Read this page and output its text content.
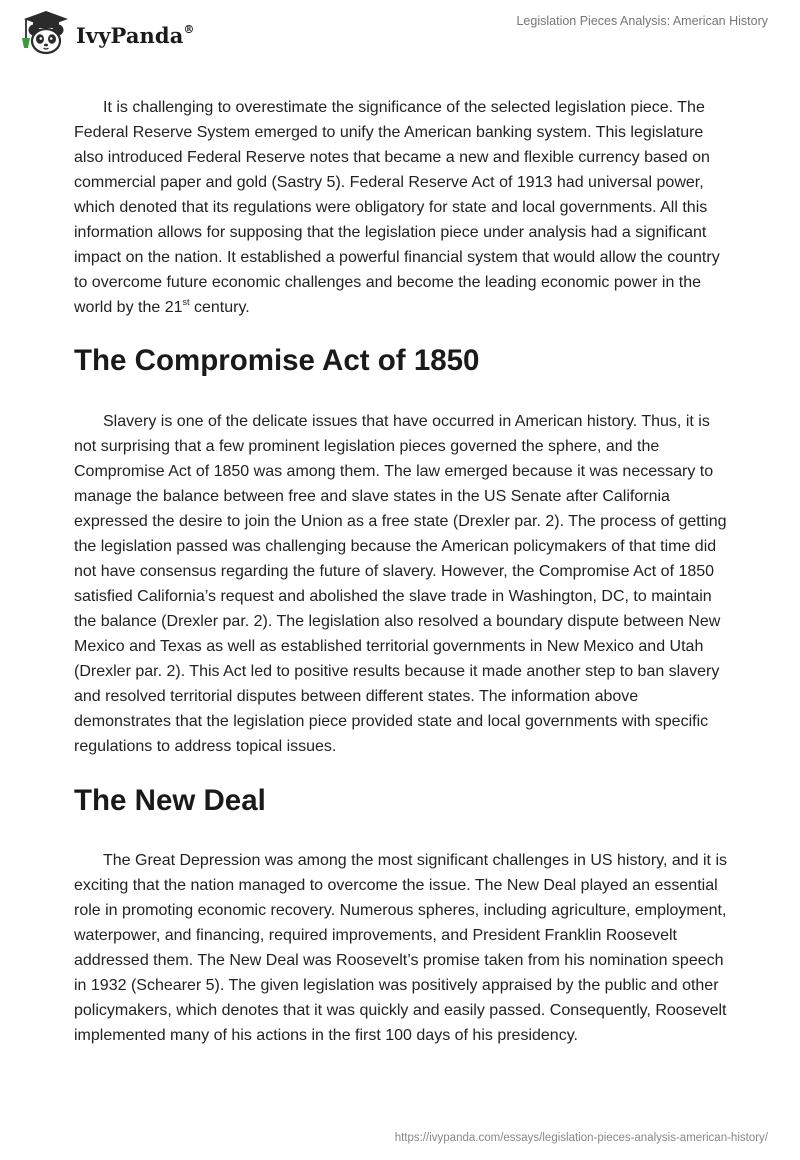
IvyPanda®
Legislation Pieces Analysis: American History

It is challenging to overestimate the significance of the selected legislation piece. The Federal Reserve System emerged to unify the American banking system. This legislature also introduced Federal Reserve notes that became a new and flexible currency based on commercial paper and gold (Sastry 5). Federal Reserve Act of 1913 had universal power, which denoted that its regulations were obligatory for state and local governments. All this information allows for supposing that the legislation piece under analysis had a significant impact on the nation. It established a powerful financial system that would allow the country to overcome future economic challenges and become the leading economic power in the world by the 21st century.

The Compromise Act of 1850

Slavery is one of the delicate issues that have occurred in American history. Thus, it is not surprising that a few prominent legislation pieces governed the sphere, and the Compromise Act of 1850 was among them. The law emerged because it was necessary to manage the balance between free and slave states in the US Senate after California expressed the desire to join the Union as a free state (Drexler par. 2). The process of getting the legislation passed was challenging because the American policymakers of that time did not have consensus regarding the future of slavery. However, the Compromise Act of 1850 satisfied California’s request and abolished the slave trade in Washington, DC, to maintain the balance (Drexler par. 2). The legislation also resolved a boundary dispute between New Mexico and Texas as well as established territorial governments in New Mexico and Utah (Drexler par. 2). This Act led to positive results because it made another step to ban slavery and resolved territorial disputes between different states. The information above demonstrates that the legislation piece provided state and local governments with specific regulations to address topical issues.

The New Deal

The Great Depression was among the most significant challenges in US history, and it is exciting that the nation managed to overcome the issue. The New Deal played an essential role in promoting economic recovery. Numerous spheres, including agriculture, employment, waterpower, and financing, required improvements, and President Franklin Roosevelt addressed them. The New Deal was Roosevelt’s promise taken from his nomination speech in 1932 (Schearer 5). The given legislation was positively appraised by the public and other policymakers, which denotes that it was quickly and easily passed. Consequently, Roosevelt implemented many of his actions in the first 100 days of his presidency.

https://ivypanda.com/essays/legislation-pieces-analysis-american-history/
